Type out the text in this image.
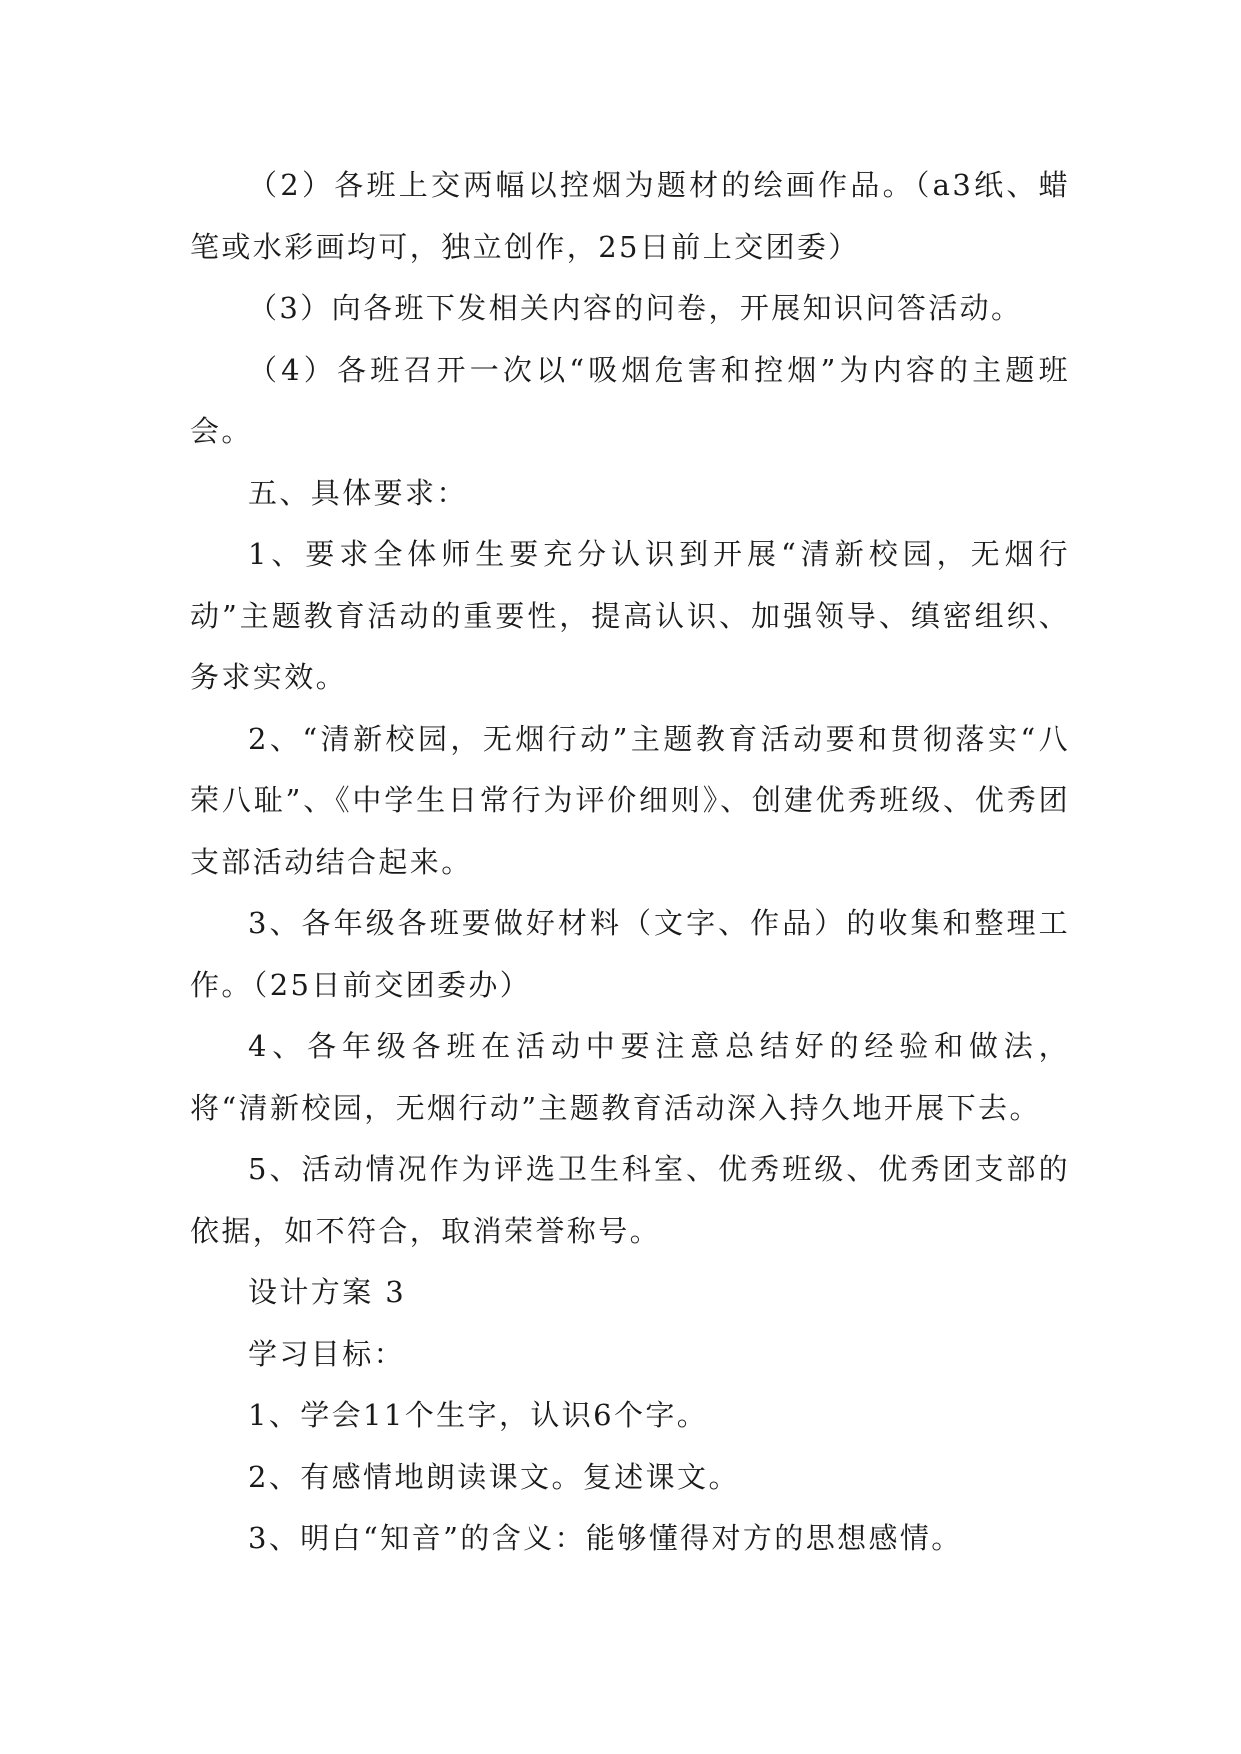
（2）各班上交两幅以控烟为题材的绘画作品。（a3纸、蜡笔或水彩画均可，独立创作，25日前上交团委）

（3）向各班下发相关内容的问卷，开展知识问答活动。

（4）各班召开一次以“吸烟危害和控烟”为内容的主题班会。

五、具体要求：

1、要求全体师生要充分认识到开展“清新校园，无烟行动”主题教育活动的重要性，提高认识、加强领导、缜密组织、务求实效。

2、“清新校园，无烟行动”主题教育活动要和贯彻落实“八荣八耻”、《中学生日常行为评价细则》、创建优秀班级、优秀团支部活动结合起来。

3、各年级各班要做好材料（文字、作品）的收集和整理工作。（25日前交团委办）

4、各年级各班在活动中要注意总结好的经验和做法，将“清新校园，无烟行动”主题教育活动深入持久地开展下去。

5、活动情况作为评选卫生科室、优秀班级、优秀团支部的依据，如不符合，取消荣誉称号。

设计方案 3

学习目标：

1、学会11个生字，认识6个字。

2、有感情地朗读课文。复述课文。

3、明白“知音”的含义：能够懂得对方的思想感情。
